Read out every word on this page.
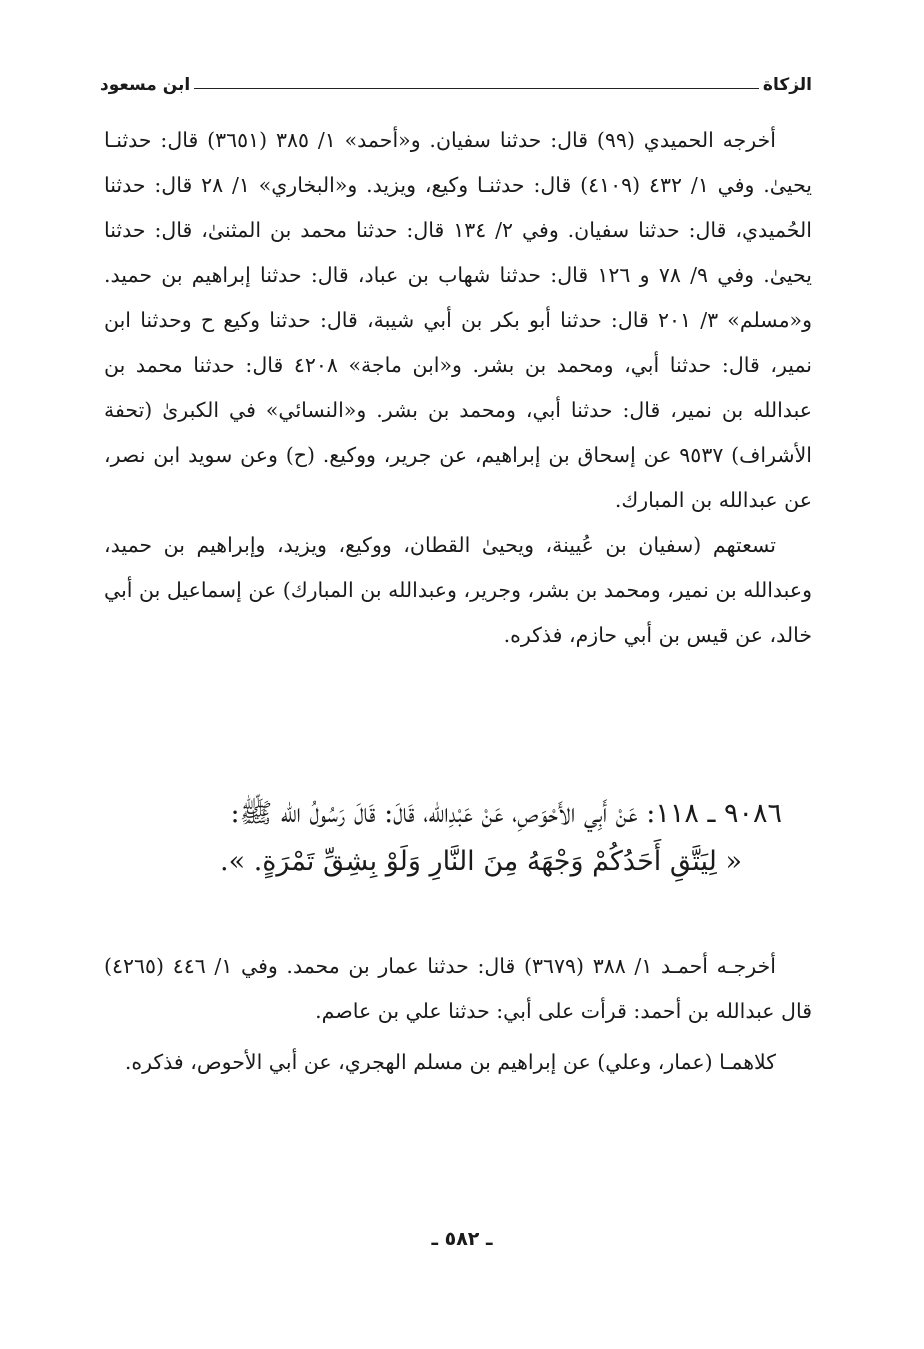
الزكاة
ابن مسعود

أخرجه الحميدي (٩٩) قال: حدثنا سفيان. و«أحمد» ١/ ٣٨٥ (٣٦٥١) قال: حدثنـا يحيىٰ. وفي ١/ ٤٣٢ (٤١٠٩) قال: حدثنـا وكيع، ويزيد. و«البخاري» ١/ ٢٨ قال: حدثنا الحُميدي، قال: حدثنا سفيان. وفي ٢/ ١٣٤ قال: حدثنا محمد بن المثنىٰ، قال: حدثنا يحيىٰ. وفي ٩/ ٧٨ و ١٢٦ قال: حدثنا شهاب بن عباد، قال: حدثنا إبراهيم بن حميد. و«مسلم» ٣/ ٢٠١ قال: حدثنا أبو بكر بن أبي شيبة، قال: حدثنا وكيع ح وحدثنا ابن نمير، قال: حدثنا أبي، ومحمد بن بشر. و«ابن ماجة» ٤٢٠٨ قال: حدثنا محمد بن عبدالله بن نمير، قال: حدثنا أبي، ومحمد بن بشر. و«النسائي» في الكبرىٰ (تحفة الأشراف) ٩٥٣٧ عن إسحاق بن إبراهيم، عن جرير، ووكيع. (ح) وعن سويد ابن نصر، عن عبدالله بن المبارك.

تسعتهم (سفيان بن عُيينة، ويحيىٰ القطان، ووكيع، ويزيد، وإبراهيم بن حميد، وعبدالله بن نمير، ومحمد بن بشر، وجرير، وعبدالله بن المبارك) عن إسماعيل بن أبي خالد، عن قيس بن أبي حازم، فذكره.

٩٠٨٦ ـ ١١٨: عَنْ أَبِي الأَحْوَصِ، عَنْ عَبْدِالله، قَالَ: قَالَ رَسُولُ الله ﷺ:

« لِيَتَّقِ أَحَدُكُمْ وَجْهَهُ مِنَ النَّارِ وَلَوْ بِشِقِّ تَمْرَةٍ. ».

أخرجـه أحمـد ١/ ٣٨٨ (٣٦٧٩) قال: حدثنا عمار بن محمد. وفي ١/ ٤٤٦ (٤٢٦٥) قال عبدالله بن أحمد: قرأت على أبي: حدثنا علي بن عاصم.

كلاهمـا (عمار، وعلي) عن إبراهيم بن مسلم الهجري، عن أبي الأحوص، فذكره.

ـ ٥٨٢ ـ
